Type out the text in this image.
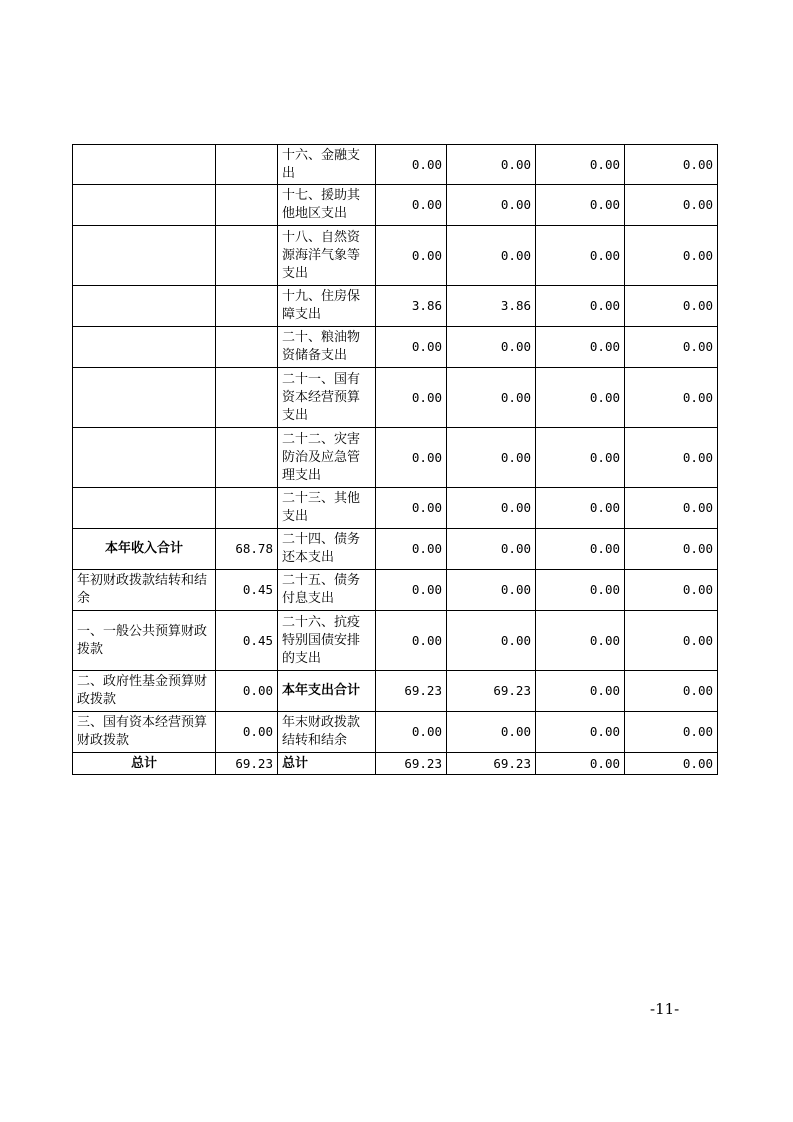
		十六、金融支出	0.00	0.00	0.00	0.00
		十七、援助其他地区支出	0.00	0.00	0.00	0.00
		十八、自然资源海洋气象等支出	0.00	0.00	0.00	0.00
		十九、住房保障支出	3.86	3.86	0.00	0.00
		二十、粮油物资储备支出	0.00	0.00	0.00	0.00
		二十一、国有资本经营预算支出	0.00	0.00	0.00	0.00
		二十二、灾害防治及应急管理支出	0.00	0.00	0.00	0.00
		二十三、其他支出	0.00	0.00	0.00	0.00
本年收入合计	68.78	二十四、债务还本支出	0.00	0.00	0.00	0.00
年初财政拨款结转和结余	0.45	二十五、债务付息支出	0.00	0.00	0.00	0.00
一、一般公共预算财政拨款	0.45	二十六、抗疫特别国债安排的支出	0.00	0.00	0.00	0.00
二、政府性基金预算财政拨款	0.00	本年支出合计	69.23	69.23	0.00	0.00
三、国有资本经营预算财政拨款	0.00	年末财政拨款结转和结余	0.00	0.00	0.00	0.00
总计	69.23	总计	69.23	69.23	0.00	0.00
-11-
